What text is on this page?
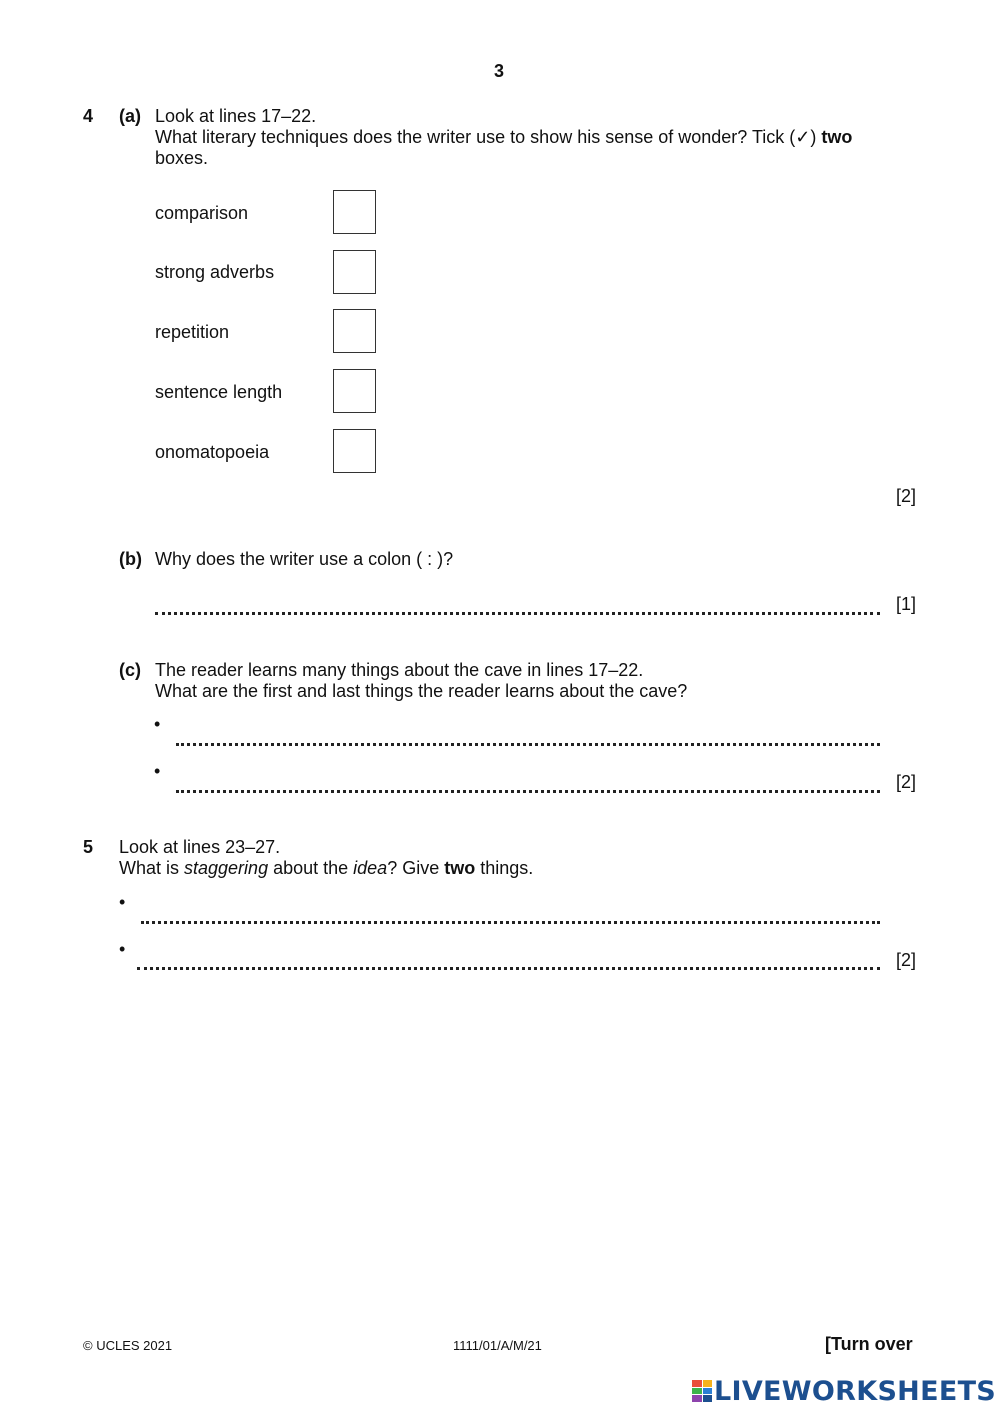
3
4 (a) Look at lines 17–22.
What literary techniques does the writer use to show his sense of wonder? Tick (✓) two
boxes.
comparison
strong adverbs
repetition
sentence length
onomatopoeia
[2]
(b) Why does the writer use a colon ( : )?
[1]
(c) The reader learns many things about the cave in lines 17–22.
What are the first and last things the reader learns about the cave?
•
•
[2]
5 Look at lines 23–27.
What is staggering about the idea? Give two things.
•
•
[2]
© UCLES 2021	1111/01/A/M/21	[Turn over
LIVEWORKSHEETS
